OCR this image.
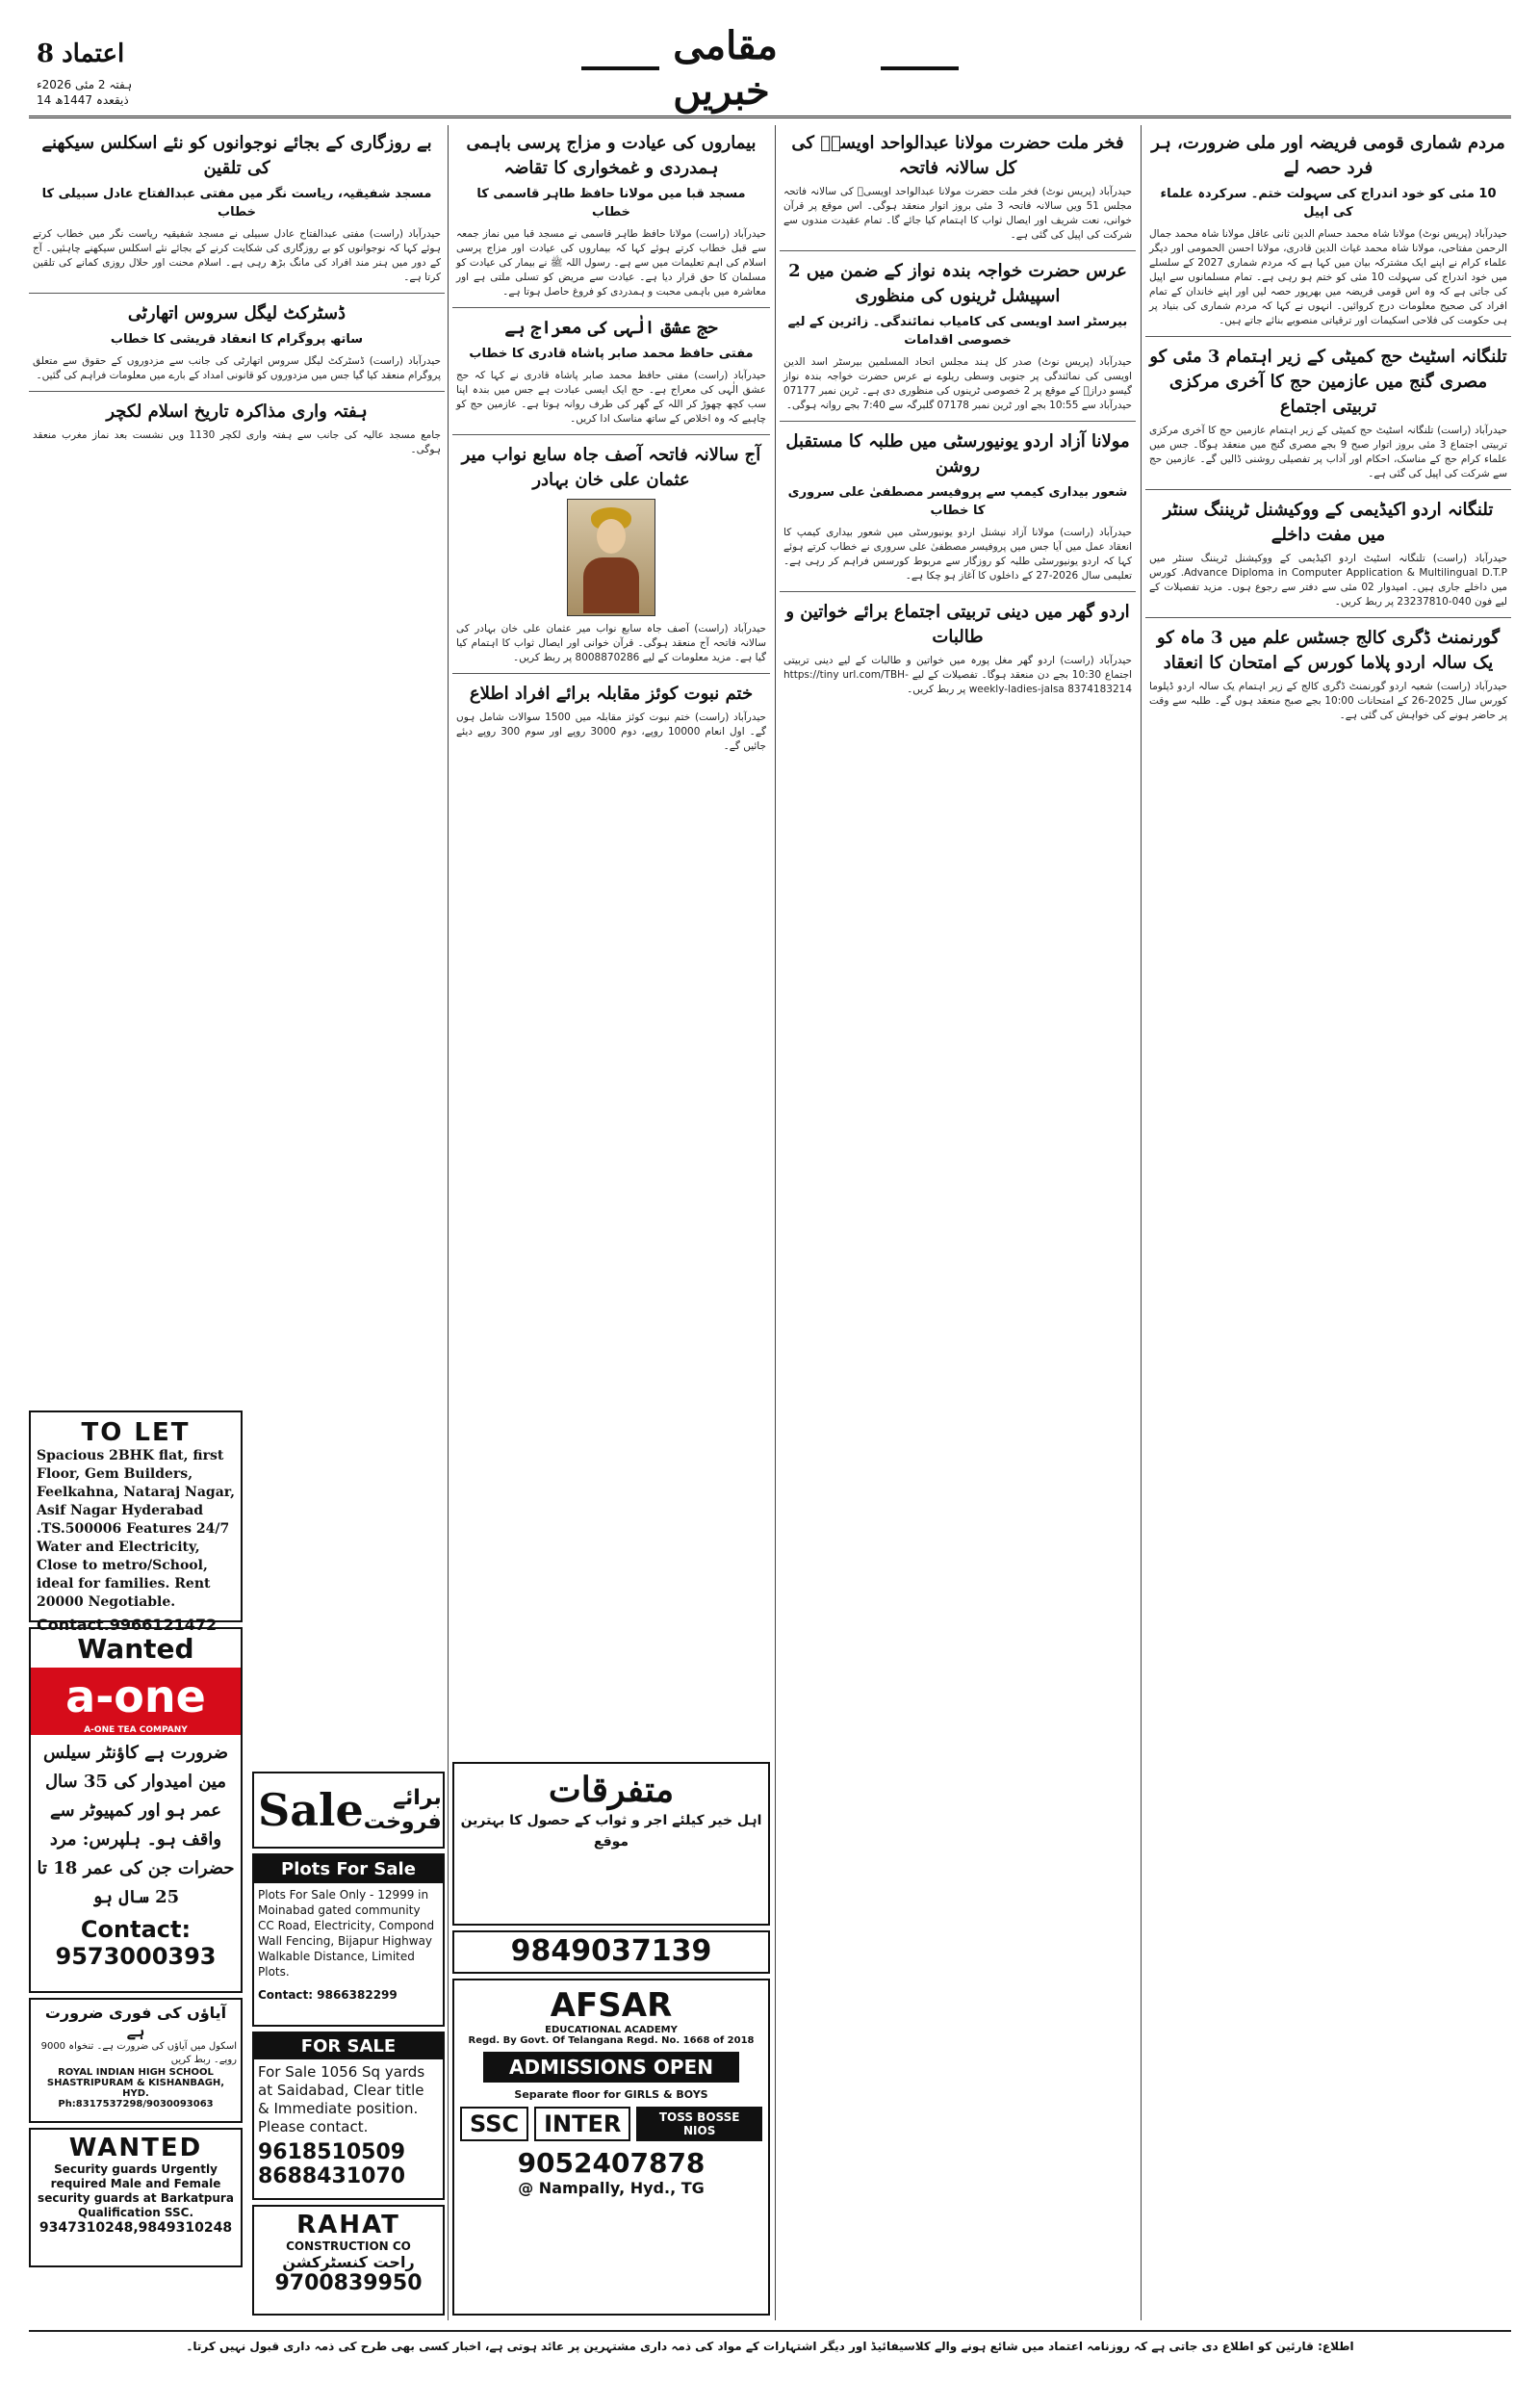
8 اعتماد
ہفتہ 2 مئی 2026ء
14 ذیقعدہ 1447ھ
مقامی خبریں
مردم شماری قومی فریضہ اور ملی ضرورت، ہر فرد حصہ لے
10 مئی کو خود اندراج کی سہولت ختم۔ سرکردہ علماء کی اپیل
حیدرآباد (پریس نوٹ) مولانا شاہ محمد حسام الدین ثانی عاقل مولانا شاہ محمد جمال الرحمن مفتاحی، مولانا شاہ محمد غیاث الدین قادری، مولانا احسن الحمومی اور دیگر علماء کرام نے اپنے ایک مشترکہ بیان میں کہا ہے کہ مردم شماری 2027 کے سلسلے میں خود اندراج کی سہولت 10 مئی کو ختم ہو رہی ہے۔ تمام مسلمانوں سے اپیل کی جاتی ہے کہ وہ اس قومی فریضہ میں بھرپور حصہ لیں اور اپنے خاندان کے تمام افراد کی صحیح معلومات درج کروائیں۔ انہوں نے کہا کہ مردم شماری کی بنیاد پر ہی حکومت کی فلاحی اسکیمات اور ترقیاتی منصوبے بنائے جاتے ہیں۔
تلنگانہ اسٹیٹ حج کمیٹی کے زیر اہتمام 3 مئی کو مصری گنج میں عازمین حج کا آخری مرکزی تربیتی اجتماع
حیدرآباد (راست) تلنگانہ اسٹیٹ حج کمیٹی کے زیر اہتمام عازمین حج کا آخری مرکزی تربیتی اجتماع 3 مئی بروز اتوار صبح 9 بجے مصری گنج میں منعقد ہوگا۔ جس میں علماء کرام حج کے مناسک، احکام اور آداب پر تفصیلی روشنی ڈالیں گے۔ عازمین حج سے شرکت کی اپیل کی گئی ہے۔
تلنگانہ اردو اکیڈیمی کے ووکیشنل ٹریننگ سنٹر میں مفت داخلے
حیدرآباد (راست) تلنگانہ اسٹیٹ اردو اکیڈیمی کے ووکیشنل ٹریننگ سنٹر میں Advance Diploma in Computer Application & Multilingual D.T.P. کورس میں داخلے جاری ہیں۔ امیدوار 02 مئی سے دفتر سے رجوع ہوں۔ مزید تفصیلات کے لیے فون 040-23237810 پر ربط کریں۔
گورنمنٹ ڈگری کالج جسٹس علم میں 3 ماہ کو یک سالہ اردو پلاما کورس کے امتحان کا انعقاد
حیدرآباد (راست) شعبہ اردو گورنمنٹ ڈگری کالج کے زیر اہتمام یک سالہ اردو ڈپلوما کورس سال 2025-26 کے امتحانات 10:00 بجے صبح منعقد ہوں گے۔ طلبہ سے وقت پر حاضر ہونے کی خواہش کی گئی ہے۔
فخر ملت حضرت مولانا عبدالواحد اویسیؒ کی کل سالانہ فاتحہ
حیدرآباد (پریس نوٹ) فخر ملت حضرت مولانا عبدالواحد اویسیؒ کی سالانہ فاتحہ مجلس 51 ویں سالانہ فاتحہ 3 مئی بروز اتوار منعقد ہوگی۔ اس موقع پر قرآن خوانی، نعت شریف اور ایصال ثواب کا اہتمام کیا جائے گا۔ تمام عقیدت مندوں سے شرکت کی اپیل کی گئی ہے۔
عرس حضرت خواجہ بندہ نواز کے ضمن میں 2 اسپیشل ٹرینوں کی منظوری
بیرسٹر اسد اویسی کی کامیاب نمائندگی۔ زائرین کے لیے خصوصی اقدامات
حیدرآباد (پریس نوٹ) صدر کل ہند مجلس اتحاد المسلمین بیرسٹر اسد الدین اویسی کی نمائندگی پر جنوبی وسطی ریلوے نے عرس حضرت خواجہ بندہ نواز گیسو درازؒ کے موقع پر 2 خصوصی ٹرینوں کی منظوری دی ہے۔ ٹرین نمبر 07177 حیدرآباد سے 10:55 بجے اور ٹرین نمبر 07178 گلبرگہ سے 7:40 بجے روانہ ہوگی۔
مولانا آزاد اردو یونیورسٹی میں طلبہ کا مستقبل روشن
شعور بیداری کیمپ سے پروفیسر مصطفیٰ علی سروری کا خطاب
حیدرآباد (راست) مولانا آزاد نیشنل اردو یونیورسٹی میں شعور بیداری کیمپ کا انعقاد عمل میں آیا جس میں پروفیسر مصطفیٰ علی سروری نے خطاب کرتے ہوئے کہا کہ اردو یونیورسٹی طلبہ کو روزگار سے مربوط کورسس فراہم کر رہی ہے۔ تعلیمی سال 2026-27 کے داخلوں کا آغاز ہو چکا ہے۔
اردو گھر میں دینی تربیتی اجتماع برائے خواتین و طالبات
حیدرآباد (راست) اردو گھر مغل پورہ میں خواتین و طالبات کے لیے دینی تربیتی اجتماع 10:30 بجے دن منعقد ہوگا۔ تفصیلات کے لیے https://tiny url.com/TBH-weekly-ladies-jalsa 8374183214 پر ربط کریں۔
بیماروں کی عیادت و مزاج پرسی باہمی ہمدردی و غمخواری کا تقاضہ
مسجد قبا میں مولانا حافظ طاہر قاسمی کا خطاب
حیدرآباد (راست) مولانا حافظ طاہر قاسمی نے مسجد قبا میں نماز جمعہ سے قبل خطاب کرتے ہوئے کہا کہ بیماروں کی عیادت اور مزاج پرسی اسلام کی اہم تعلیمات میں سے ہے۔ رسول اللہ ﷺ نے بیمار کی عیادت کو مسلمان کا حق قرار دیا ہے۔ عیادت سے مریض کو تسلی ملتی ہے اور معاشرہ میں باہمی محبت و ہمدردی کو فروغ حاصل ہوتا ہے۔
حج عشق الٰہی کی معراج ہے
مفتی حافظ محمد صابر پاشاہ قادری کا خطاب
حیدرآباد (راست) مفتی حافظ محمد صابر پاشاہ قادری نے کہا کہ حج عشق الٰہی کی معراج ہے۔ حج ایک ایسی عبادت ہے جس میں بندہ اپنا سب کچھ چھوڑ کر اللہ کے گھر کی طرف روانہ ہوتا ہے۔ عازمین حج کو چاہیے کہ وہ اخلاص کے ساتھ مناسک ادا کریں۔
آج سالانہ فاتحہ آصف جاہ سابع نواب میر عثمان علی خان بہادر
حیدرآباد (راست) آصف جاہ سابع نواب میر عثمان علی خان بہادر کی سالانہ فاتحہ آج منعقد ہوگی۔ قرآن خوانی اور ایصال ثواب کا اہتمام کیا گیا ہے۔ مزید معلومات کے لیے 8008870286 پر ربط کریں۔
ختم نبوت کوئز مقابلہ برائے افراد اطلاع
حیدرآباد (راست) ختم نبوت کوئز مقابلہ میں 1500 سوالات شامل ہوں گے۔ اول انعام 10000 روپے، دوم 3000 روپے اور سوم 300 روپے دیئے جائیں گے۔
بے روزگاری کے بجائے نوجوانوں کو نئے اسکلس سیکھنے کی تلقین
مسجد شفیقیہ، ریاست نگر میں مفتی عبدالفتاح عادل سبیلی کا خطاب
حیدرآباد (راست) مفتی عبدالفتاح عادل سبیلی نے مسجد شفیقیہ ریاست نگر میں خطاب کرتے ہوئے کہا کہ نوجوانوں کو بے روزگاری کی شکایت کرنے کے بجائے نئے اسکلس سیکھنے چاہئیں۔ آج کے دور میں ہنر مند افراد کی مانگ بڑھ رہی ہے۔ اسلام محنت اور حلال روزی کمانے کی تلقین کرتا ہے۔
ڈسٹرکٹ لیگل سروس اتھارٹی
ساتھ پروگرام کا انعقاد قریشی کا خطاب
حیدرآباد (راست) ڈسٹرکٹ لیگل سروس اتھارٹی کی جانب سے مزدوروں کے حقوق سے متعلق پروگرام منعقد کیا گیا جس میں مزدوروں کو قانونی امداد کے بارے میں معلومات فراہم کی گئیں۔
ہفتہ واری مذاکرہ تاریخ اسلام لکچر
جامع مسجد عالیہ کی جانب سے ہفتہ واری لکچر 1130 ویں نشست بعد نماز مغرب منعقد ہوگی۔

TO LET

Spacious 2BHK flat, first Floor, Gem Builders, Feelkahna, Nataraj Nagar, Asif Nagar Hyderabad .TS.500006 Features 24/7 Water and Electricity, Close to metro/School, ideal for families. Rent 20000 Negotiable.

Contact.9966121472

Wanted
a-one
A-ONE TEA COMPANY
ضرورت ہے کاؤنٹر سیلس مین امیدوار کی 35 سال عمر ہو اور کمپیوٹر سے واقف ہو۔ ہلپرس: مرد حضرات جن کی عمر 18 تا 25 سال ہو
Contact:
9573000393

آیاؤں کی فوری ضرورت ہے

اسکول میں آیاؤں کی ضرورت ہے۔ تنخواہ 9000 روپے۔ ربط کریں

ROYAL INDIAN HIGH SCHOOL SHASTRIPURAM & KISHANBAGH, HYD.

Ph:8317537298/9030093063

WANTED

Security guards Urgently required Male and Female security guards at Barkatpura Qualification SSC.

9347310248,9849310248

Sale	برائے فروخت
Plots For Sale
Plots For Sale Only - 12999 in Moinabad gated community CC Road, Electricity, Compond Wall Fencing, Bijapur Highway Walkable Distance, Limited Plots.
Contact: 9866382299
FOR SALE
For Sale 1056 Sq yards at Saidabad, Clear title & Immediate position. Please contact.
9618510509
8688431070
RAHAT
CONSTRUCTION CO
راحت کنسٹرکشن
9700839950
متفرقات
اہل خیر کیلئے اجر و ثواب کے حصول کا بہترین موقع
9849037139
AFSAR
EDUCATIONAL ACADEMY
Regd. By Govt. Of Telangana Regd. No. 1668 of 2018
ADMISSIONS OPEN
Separate floor for GIRLS & BOYS
SSC	INTER	TOSS BOSSE NIOS
9052407878
@ Nampally, Hyd., TG
اطلاع: قارئین کو اطلاع دی جاتی ہے کہ روزنامہ اعتماد میں شائع ہونے والے کلاسیفائیڈ اور دیگر اشتہارات کے مواد کی ذمہ داری مشتہرین پر عائد ہوتی ہے، اخبار کسی بھی طرح کی ذمہ داری قبول نہیں کرتا۔
